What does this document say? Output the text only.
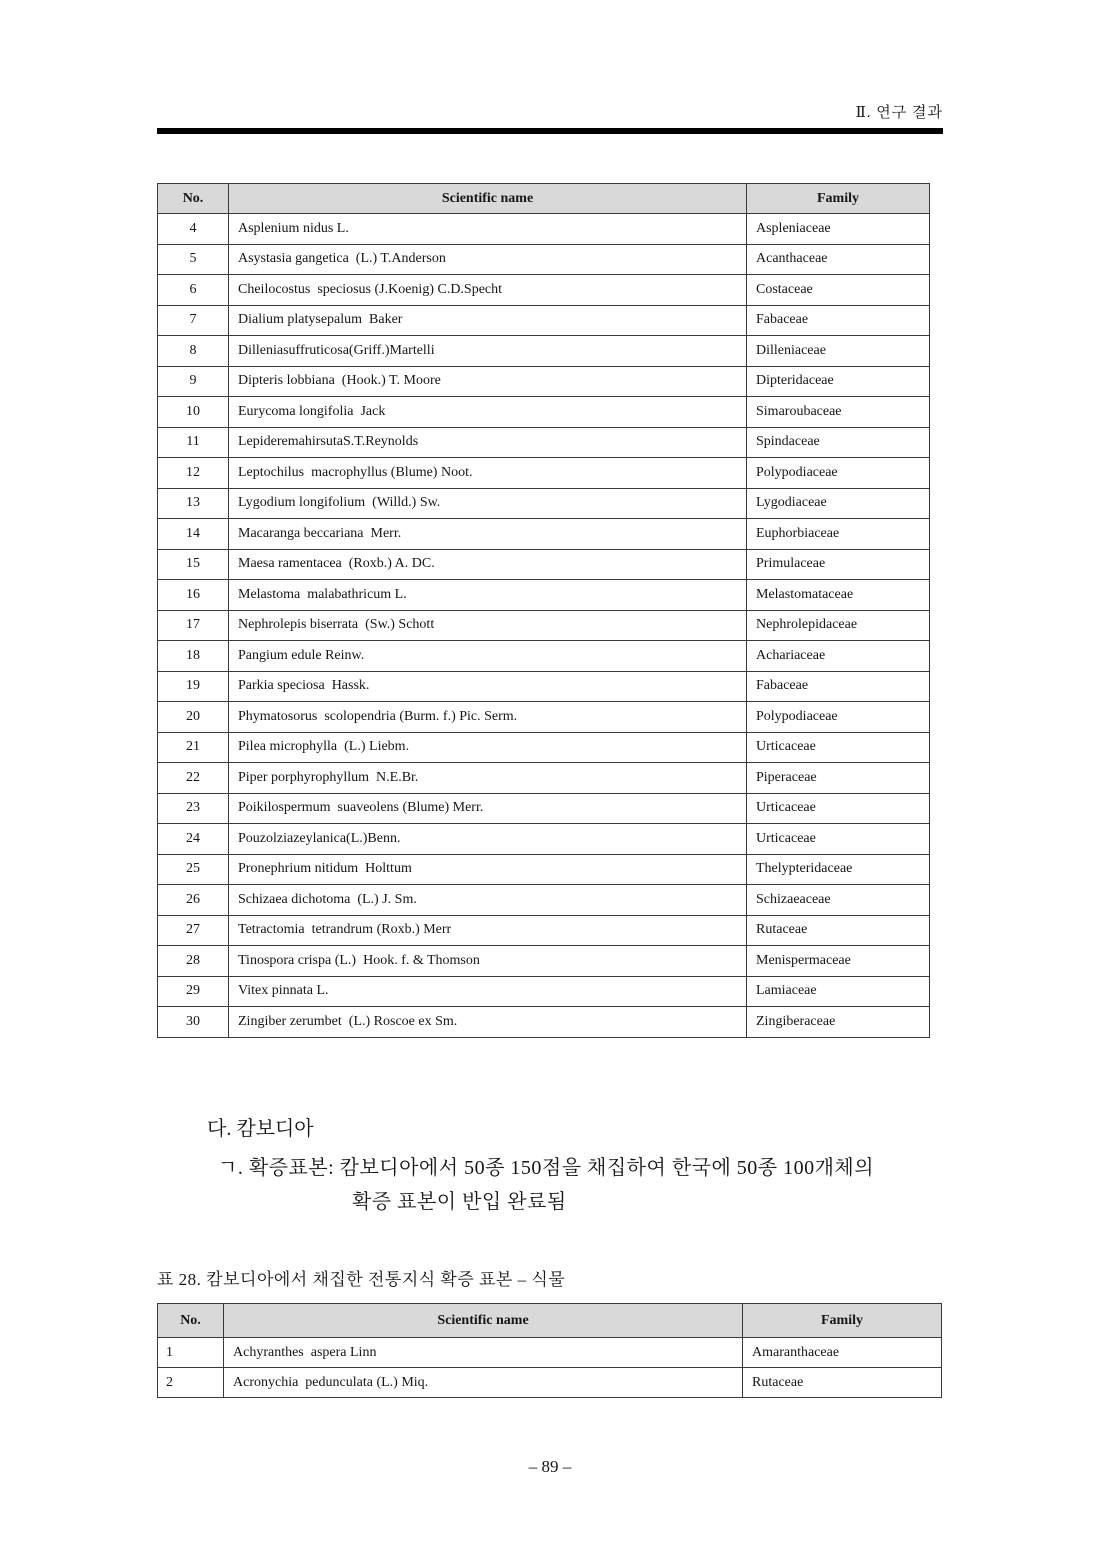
Ⅱ. 연구 결과
No.	Scientific name	Family
4	Asplenium nidus L.	Aspleniaceae
5	Asystasia gangetica  (L.) T.Anderson	Acanthaceae
6	Cheilocostus  speciosus (J.Koenig) C.D.Specht	Costaceae
7	Dialium platysepalum  Baker	Fabaceae
8	Dilleniasuffruticosa(Griff.)Martelli	Dilleniaceae
9	Dipteris lobbiana  (Hook.) T. Moore	Dipteridaceae
10	Eurycoma longifolia  Jack	Simaroubaceae
11	LepideremahirsutaS.T.Reynolds	Spindaceae
12	Leptochilus  macrophyllus (Blume) Noot.	Polypodiaceae
13	Lygodium longifolium  (Willd.) Sw.	Lygodiaceae
14	Macaranga beccariana  Merr.	Euphorbiaceae
15	Maesa ramentacea  (Roxb.) A. DC.	Primulaceae
16	Melastoma  malabathricum L.	Melastomataceae
17	Nephrolepis biserrata  (Sw.) Schott	Nephrolepidaceae
18	Pangium edule Reinw.	Achariaceae
19	Parkia speciosa  Hassk.	Fabaceae
20	Phymatosorus  scolopendria (Burm. f.) Pic. Serm.	Polypodiaceae
21	Pilea microphylla  (L.) Liebm.	Urticaceae
22	Piper porphyrophyllum  N.E.Br.	Piperaceae
23	Poikilospermum  suaveolens (Blume) Merr.	Urticaceae
24	Pouzolziazeylanica(L.)Benn.	Urticaceae
25	Pronephrium nitidum  Holttum	Thelypteridaceae
26	Schizaea dichotoma  (L.) J. Sm.	Schizaeaceae
27	Tetractomia  tetrandrum (Roxb.) Merr	Rutaceae
28	Tinospora crispa (L.)  Hook. f. & Thomson	Menispermaceae
29	Vitex pinnata L.	Lamiaceae
30	Zingiber zerumbet  (L.) Roscoe ex Sm.	Zingiberaceae
다. 캄보디아
ㄱ. 확증표본: 캄보디아에서 50종 150점을 채집하여 한국에 50종 100개체의
확증 표본이 반입 완료됨
표 28. 캄보디아에서 채집한 전통지식 확증 표본 – 식물
No.	Scientific name	Family
1	Achyranthes  aspera Linn	Amaranthaceae
2	Acronychia  pedunculata (L.) Miq.	Rutaceae
– 89 –
